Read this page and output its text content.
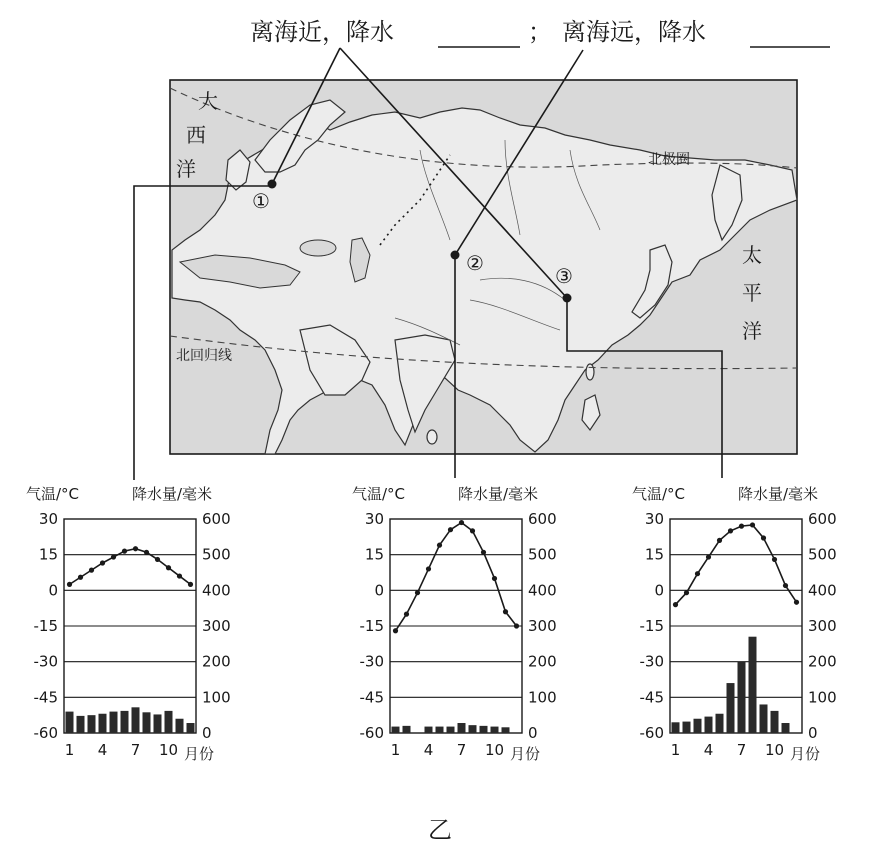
离海近，降水	； 离海远，降水
大
西
洋
太
平
洋
北极圈
北回归线
①
②
③
气温/°C	降水量/毫米
30	600
15	500
0	400
-15	300
-30	200
-45	100
-60	0
1 4 7 10 月份
气温/°C	降水量/毫米
30	600
15	500
0	400
-15	300
-30	200
-45	100
-60	0
1 4 7 10 月份
气温/°C	降水量/毫米
30	600
15	500
0	400
-15	300
-30	200
-45	100
-60	0
1 4 7 10 月份
乙
